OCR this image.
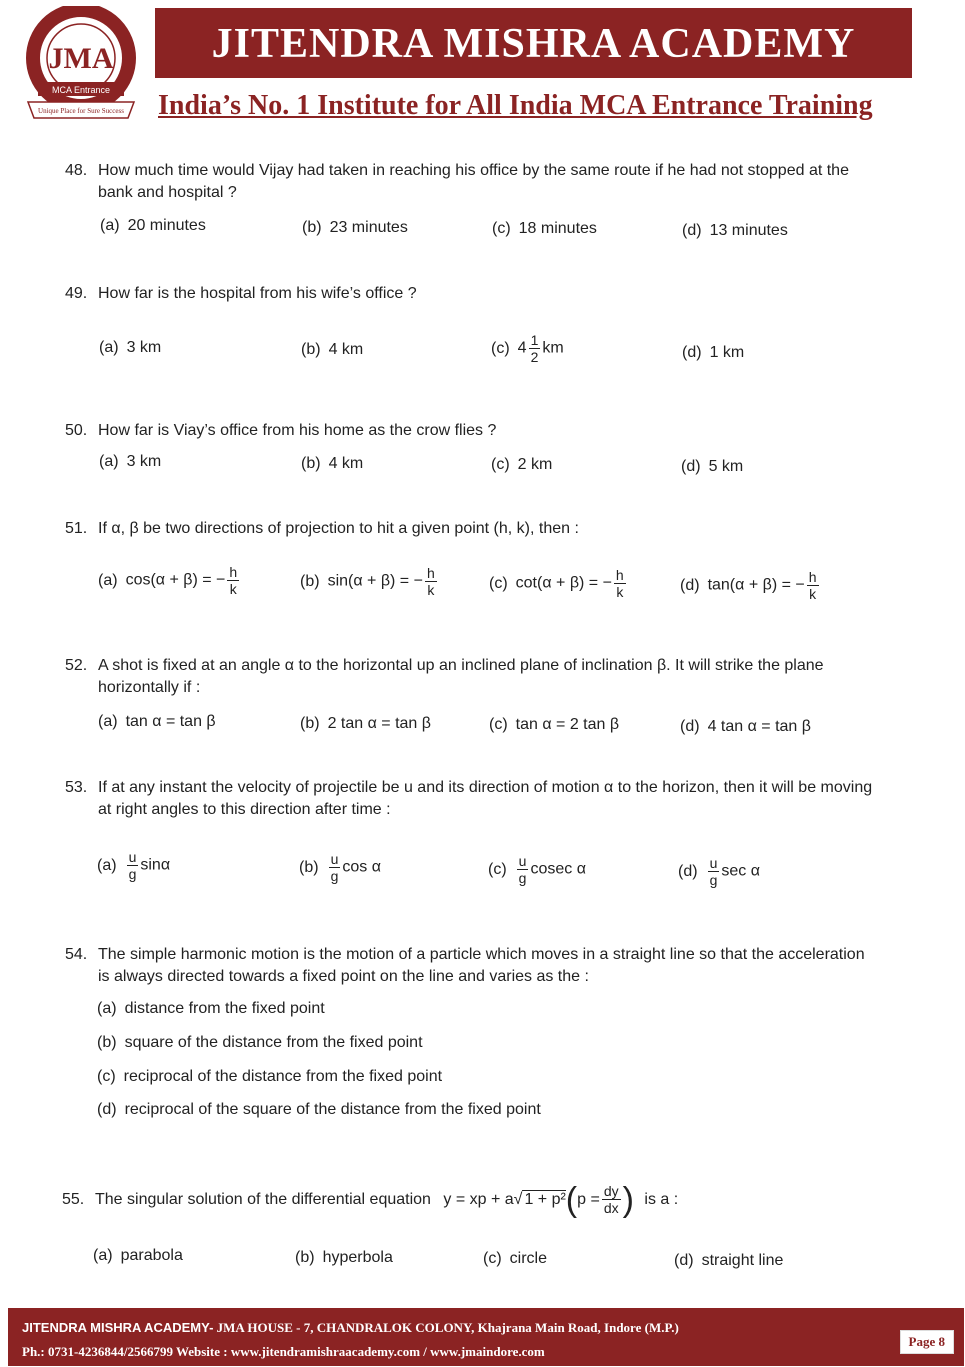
JMA
MCA Entrance
Unique Place for Sure Success
JITENDRA MISHRA ACADEMY
India’s No. 1 Institute for All India MCA Entrance Training
48. How much time would Vijay had taken in reaching his office by the same route if he had not stopped at the bank and hospital ?
(a) 20 minutes	(b) 23 minutes	(c) 18 minutes	(d) 13 minutes
49. How far is the hospital from his wife’s office ?
(a) 3 km	(b) 4 km	(c) $4 \frac{1}{2}$ km	(d) 1 km
50. How far is Viay’s office from his home as the crow flies ?
(a) 3 km	(b) 4 km	(c) 2 km	(d) 5 km
51. If α, β be two directions of projection to hit a given point (h, k), then :
(a) cos(α + β) = − $\frac{h}{k}$	(b) sin(α + β) = − $\frac{h}{k}$	(c) cot(α + β) = − $\frac{h}{k}$	(d) tan(α + β) = − $\frac{h}{k}$
52. A shot is fixed at an angle α to the horizontal up an inclined plane of inclination β. It will strike the plane horizontally if :
(a) tan α = tan β	(b) 2 tan α = tan β	(c) tan α = 2 tan β	(d) 4 tan α = tan β
53. If at any instant the velocity of projectile be u and its direction of motion α to the horizon, then it will be moving at right angles to this direction after time :
$(a) \frac{u}{g}$ sinα	$(b) \frac{u}{g}$ cos α	$(c) \frac{u}{g}$ cosec α	$(d) \frac{u}{g}$ sec α
54. The simple harmonic motion is the motion of a particle which moves in a straight line so that the acceleration is always directed towards a fixed point on the line and varies as the :
(a) distance from the fixed point
(b) square of the distance from the fixed point
(c) reciprocal of the distance from the fixed point
(d) reciprocal of the square of the distance from the fixed point
55. The singular solution of the differential equation y = xp + a√ $1 + p^2(p = \frac{dy}{dx}$ ) is a :
(a) parabola	(b) hyperbola	(c) circle	(d) straight line
JITENDRA MISHRA ACADEMY- JMA HOUSE - 7, CHANDRALOK COLONY, Khajrana Main Road, Indore (M.P.)
Ph.: 0731-4236844/2566799 Website : www.jitendramishraacademy.com / www.jmaindore.com
Page 8
